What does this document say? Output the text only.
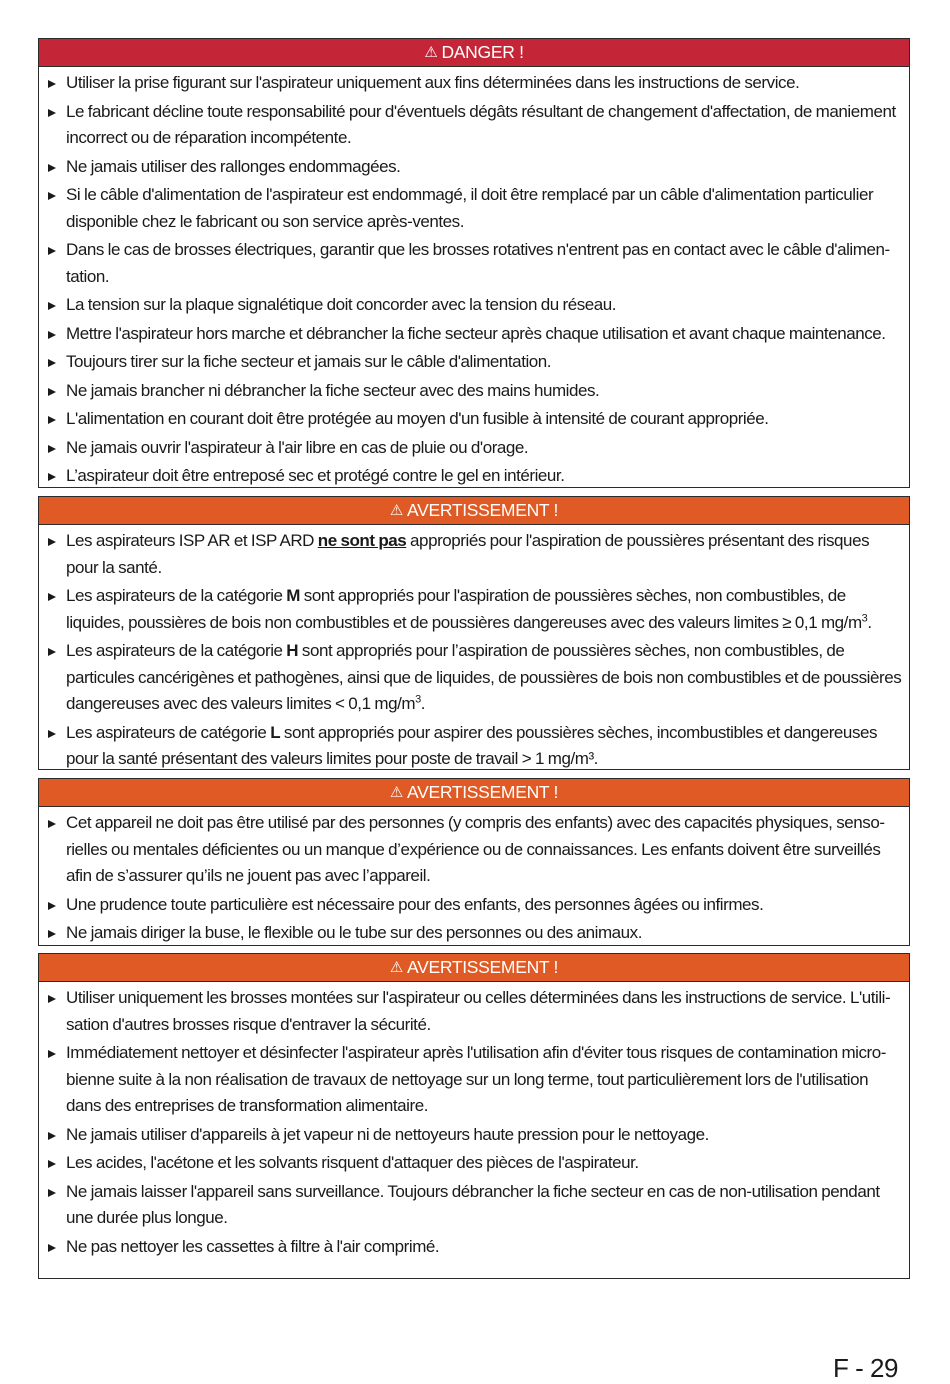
⚠ DANGER !
Utiliser la prise figurant sur l'aspirateur uniquement aux fins déterminées dans les instructions de service.
Le fabricant décline toute responsabilité pour d'éventuels dégâts résultant de changement d'affectation, de maniement incorrect ou de réparation incompétente.
Ne jamais utiliser des rallonges endommagées.
Si le câble d'alimentation de l'aspirateur est endommagé, il doit être remplacé par un câble d'alimentation particulier disponible chez le fabricant ou son service après-ventes.
Dans le cas de brosses électriques, garantir que les brosses rotatives n'entrent pas en contact avec le câble d'alimen-tation.
La tension sur la plaque signalétique doit concorder avec la tension du réseau.
Mettre l'aspirateur hors marche et débrancher la fiche secteur après chaque utilisation et avant chaque maintenance.
Toujours tirer sur la fiche secteur et jamais sur le câble d'alimentation.
Ne jamais brancher ni débrancher la fiche secteur avec des mains humides.
L'alimentation en courant doit être protégée au moyen d'un fusible à intensité de courant appropriée.
Ne jamais ouvrir l'aspirateur à l'air libre en cas de pluie ou d'orage.
L’aspirateur doit être entreposé sec et protégé contre le gel en intérieur.
⚠ AVERTISSEMENT !
Les aspirateurs ISP AR et ISP ARD ne sont pas appropriés pour l'aspiration de poussières présentant des risques pour la santé.
Les aspirateurs de la catégorie M sont appropriés pour l'aspiration de poussières sèches, non combustibles, de liquides, poussières de bois non combustibles et de poussières dangereuses avec des valeurs limites ≥ 0,1 $mg/m^3$.
Les aspirateurs de la catégorie H sont appropriés pour l’aspiration de poussières sèches, non combustibles, de particules cancérigènes et pathogènes, ainsi que de liquides, de poussières de bois non combustibles et de poussières dangereuses avec des valeurs limites < 0,1 $mg/m^3$.
Les aspirateurs de catégorie L sont appropriés pour aspirer des poussières sèches, incombustibles et dangereuses pour la santé présentant des valeurs limites pour poste de travail > 1 mg/m³.
⚠ AVERTISSEMENT !
Cet appareil ne doit pas être utilisé par des personnes (y compris des enfants) avec des capacités physiques, senso-rielles ou mentales déficientes ou un manque d’expérience ou de connaissances. Les enfants doivent être surveillés afin de s’assurer qu’ils ne jouent pas avec l’appareil.
Une prudence toute particulière est nécessaire pour des enfants, des personnes âgées ou infirmes.
Ne jamais diriger la buse, le flexible ou le tube sur des personnes ou des animaux.
⚠ AVERTISSEMENT !
Utiliser uniquement les brosses montées sur l'aspirateur ou celles déterminées dans les instructions de service. L'utili-sation d'autres brosses risque d'entraver la sécurité.
Immédiatement nettoyer et désinfecter l'aspirateur après l'utilisation afin d'éviter tous risques de contamination micro-bienne suite à la non réalisation de travaux de nettoyage sur un long terme, tout particulièrement lors de l'utilisation dans des entreprises de transformation alimentaire.
Ne jamais utiliser d'appareils à jet vapeur ni de nettoyeurs haute pression pour le nettoyage.
Les acides, l'acétone et les solvants risquent d'attaquer des pièces de l'aspirateur.
Ne jamais laisser l'appareil sans surveillance. Toujours débrancher la fiche secteur en cas de non-utilisation pendant une durée plus longue.
Ne pas nettoyer les cassettes à filtre à l'air comprimé.
F - 29
